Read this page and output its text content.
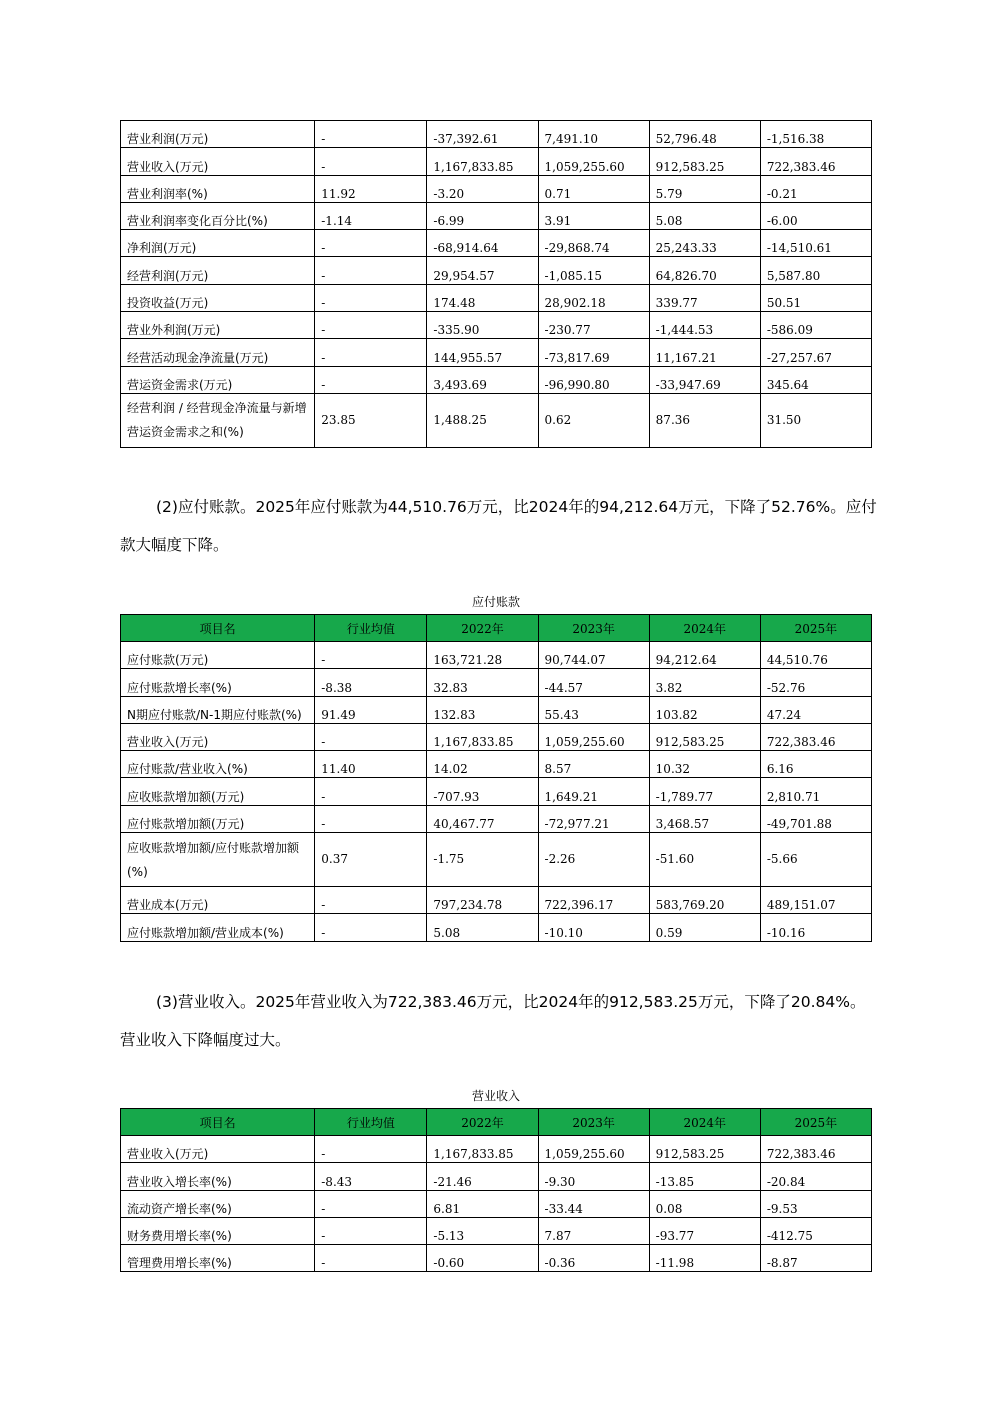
营业利润(万元)	-	-37,392.61	7,491.10	52,796.48	-1,516.38
营业收入(万元)	-	1,167,833.85	1,059,255.60	912,583.25	722,383.46
营业利润率(%)	11.92	-3.20	0.71	5.79	-0.21
营业利润率变化百分比(%)	-1.14	-6.99	3.91	5.08	-6.00
净利润(万元)	-	-68,914.64	-29,868.74	25,243.33	-14,510.61
经营利润(万元)	-	29,954.57	-1,085.15	64,826.70	5,587.80
投资收益(万元)	-	174.48	28,902.18	339.77	50.51
营业外利润(万元)	-	-335.90	-230.77	-1,444.53	-586.09
经营活动现金净流量(万元)	-	144,955.57	-73,817.69	11,167.21	-27,257.67
营运资金需求(万元)	-	3,493.69	-96,990.80	-33,947.69	345.64
经营利润 / 经营现金净流量与新增营运资金需求之和(%)	23.85	1,488.25	0.62	87.36	31.50

(2)应付账款。2025年应付账款为44,510.76万元，比2024年的94,212.64万元，下降了52.76%。应付款大幅度下降。

应付账款
项目名	行业均值	2022年	2023年	2024年	2025年
应付账款(万元)	-	163,721.28	90,744.07	94,212.64	44,510.76
应付账款增长率(%)	-8.38	32.83	-44.57	3.82	-52.76
N期应付账款/N-1期应付账款(%)	91.49	132.83	55.43	103.82	47.24
营业收入(万元)	-	1,167,833.85	1,059,255.60	912,583.25	722,383.46
应付账款/营业收入(%)	11.40	14.02	8.57	10.32	6.16
应收账款增加额(万元)	-	-707.93	1,649.21	-1,789.77	2,810.71
应付账款增加额(万元)	-	40,467.77	-72,977.21	3,468.57	-49,701.88
应收账款增加额/应付账款增加额(%)	0.37	-1.75	-2.26	-51.60	-5.66
营业成本(万元)	-	797,234.78	722,396.17	583,769.20	489,151.07
应付账款增加额/营业成本(%)	-	5.08	-10.10	0.59	-10.16

(3)营业收入。2025年营业收入为722,383.46万元，比2024年的912,583.25万元，下降了20.84%。营业收入下降幅度过大。

营业收入
项目名	行业均值	2022年	2023年	2024年	2025年
营业收入(万元)	-	1,167,833.85	1,059,255.60	912,583.25	722,383.46
营业收入增长率(%)	-8.43	-21.46	-9.30	-13.85	-20.84
流动资产增长率(%)	-	6.81	-33.44	0.08	-9.53
财务费用增长率(%)	-	-5.13	7.87	-93.77	-412.75
管理费用增长率(%)	-	-0.60	-0.36	-11.98	-8.87
